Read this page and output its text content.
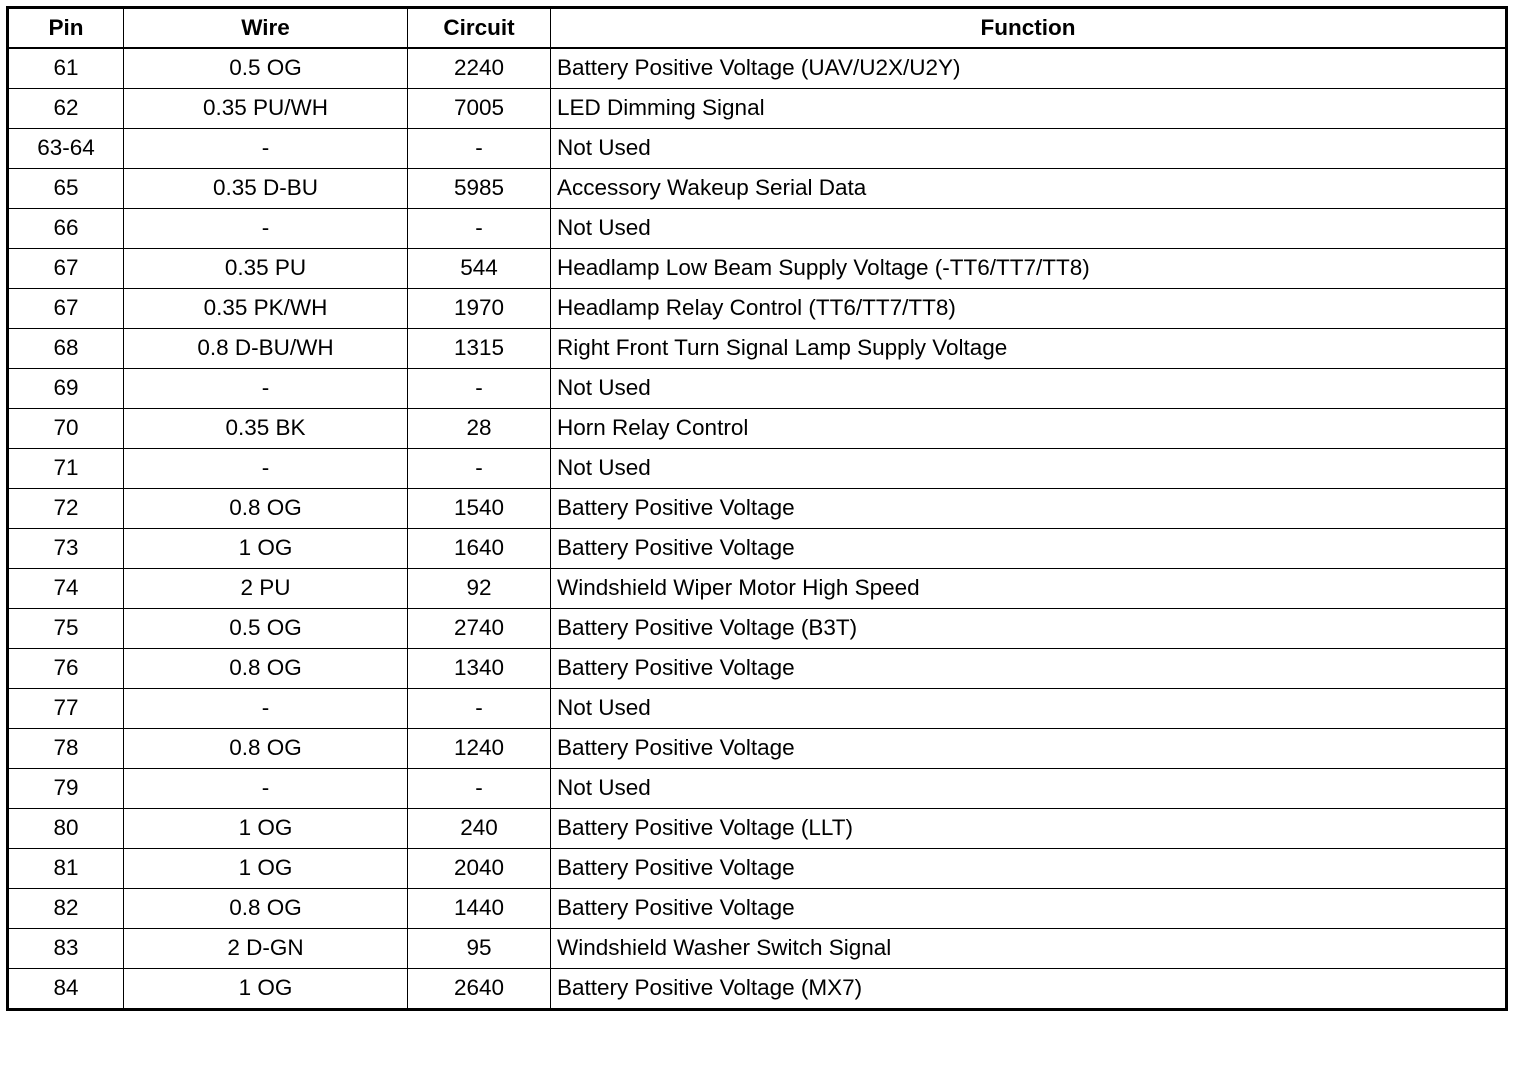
Pin	Wire	Circuit	Function
61	0.5 OG	2240	Battery Positive Voltage (UAV/U2X/U2Y)
62	0.35 PU/WH	7005	LED Dimming Signal
63-64	-	-	Not Used
65	0.35 D-BU	5985	Accessory Wakeup Serial Data
66	-	-	Not Used
67	0.35 PU	544	Headlamp Low Beam Supply Voltage (-TT6/TT7/TT8)
67	0.35 PK/WH	1970	Headlamp Relay Control (TT6/TT7/TT8)
68	0.8 D-BU/WH	1315	Right Front Turn Signal Lamp Supply Voltage
69	-	-	Not Used
70	0.35 BK	28	Horn Relay Control
71	-	-	Not Used
72	0.8 OG	1540	Battery Positive Voltage
73	1 OG	1640	Battery Positive Voltage
74	2 PU	92	Windshield Wiper Motor High Speed
75	0.5 OG	2740	Battery Positive Voltage (B3T)
76	0.8 OG	1340	Battery Positive Voltage
77	-	-	Not Used
78	0.8 OG	1240	Battery Positive Voltage
79	-	-	Not Used
80	1 OG	240	Battery Positive Voltage (LLT)
81	1 OG	2040	Battery Positive Voltage
82	0.8 OG	1440	Battery Positive Voltage
83	2 D-GN	95	Windshield Washer Switch Signal
84	1 OG	2640	Battery Positive Voltage (MX7)
